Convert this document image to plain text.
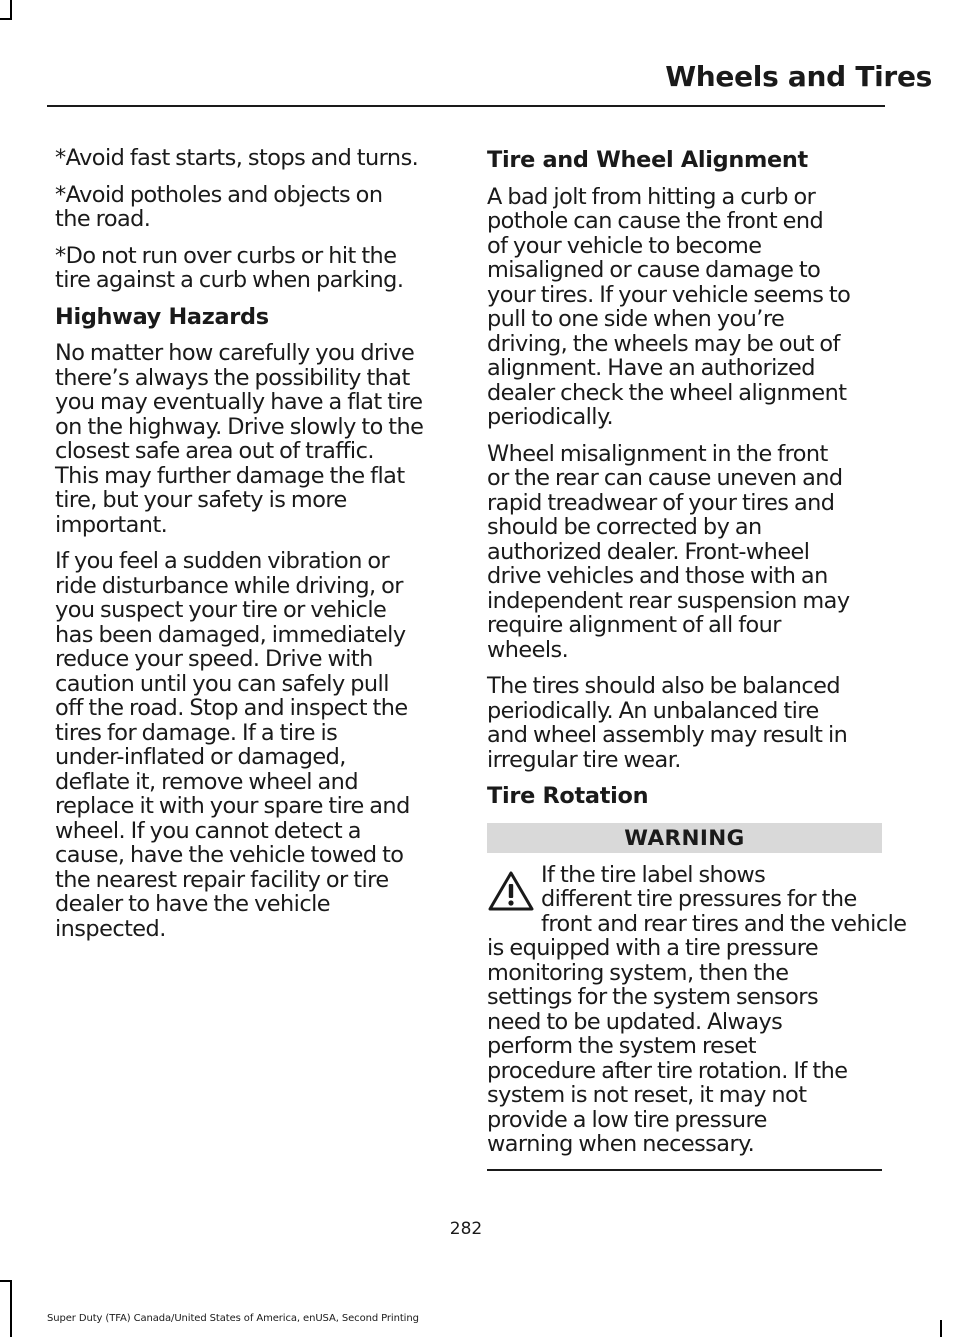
Wheels and Tires

*Avoid fast starts, stops and turns.

*Avoid potholes and objects on
the road.

*Do not run over curbs or hit the
tire against a curb when parking.

Highway Hazards

No matter how carefully you drive
there’s always the possibility that
you may eventually have a flat tire
on the highway. Drive slowly to the
closest safe area out of traffic.
This may further damage the flat
tire, but your safety is more
important.

If you feel a sudden vibration or
ride disturbance while driving, or
you suspect your tire or vehicle
has been damaged, immediately
reduce your speed. Drive with
caution until you can safely pull
off the road. Stop and inspect the
tires for damage. If a tire is
under-inflated or damaged,
deflate it, remove wheel and
replace it with your spare tire and
wheel. If you cannot detect a
cause, have the vehicle towed to
the nearest repair facility or tire
dealer to have the vehicle
inspected.

Tire and Wheel Alignment

A bad jolt from hitting a curb or
pothole can cause the front end
of your vehicle to become
misaligned or cause damage to
your tires. If your vehicle seems to
pull to one side when you’re
driving, the wheels may be out of
alignment. Have an authorized
dealer check the wheel alignment
periodically.

Wheel misalignment in the front
or the rear can cause uneven and
rapid treadwear of your tires and
should be corrected by an
authorized dealer. Front-wheel
drive vehicles and those with an
independent rear suspension may
require alignment of all four
wheels.

The tires should also be balanced
periodically. An unbalanced tire
and wheel assembly may result in
irregular tire wear.

Tire Rotation
WARNING

If the tire label shows
different tire pressures for the
front and rear tires and the vehicle
is equipped with a tire pressure
monitoring system, then the
settings for the system sensors
need to be updated. Always
perform the system reset
procedure after tire rotation. If the
system is not reset, it may not
provide a low tire pressure
warning when necessary.

282
Super Duty (TFA) Canada/United States of America, enUSA, Second Printing
